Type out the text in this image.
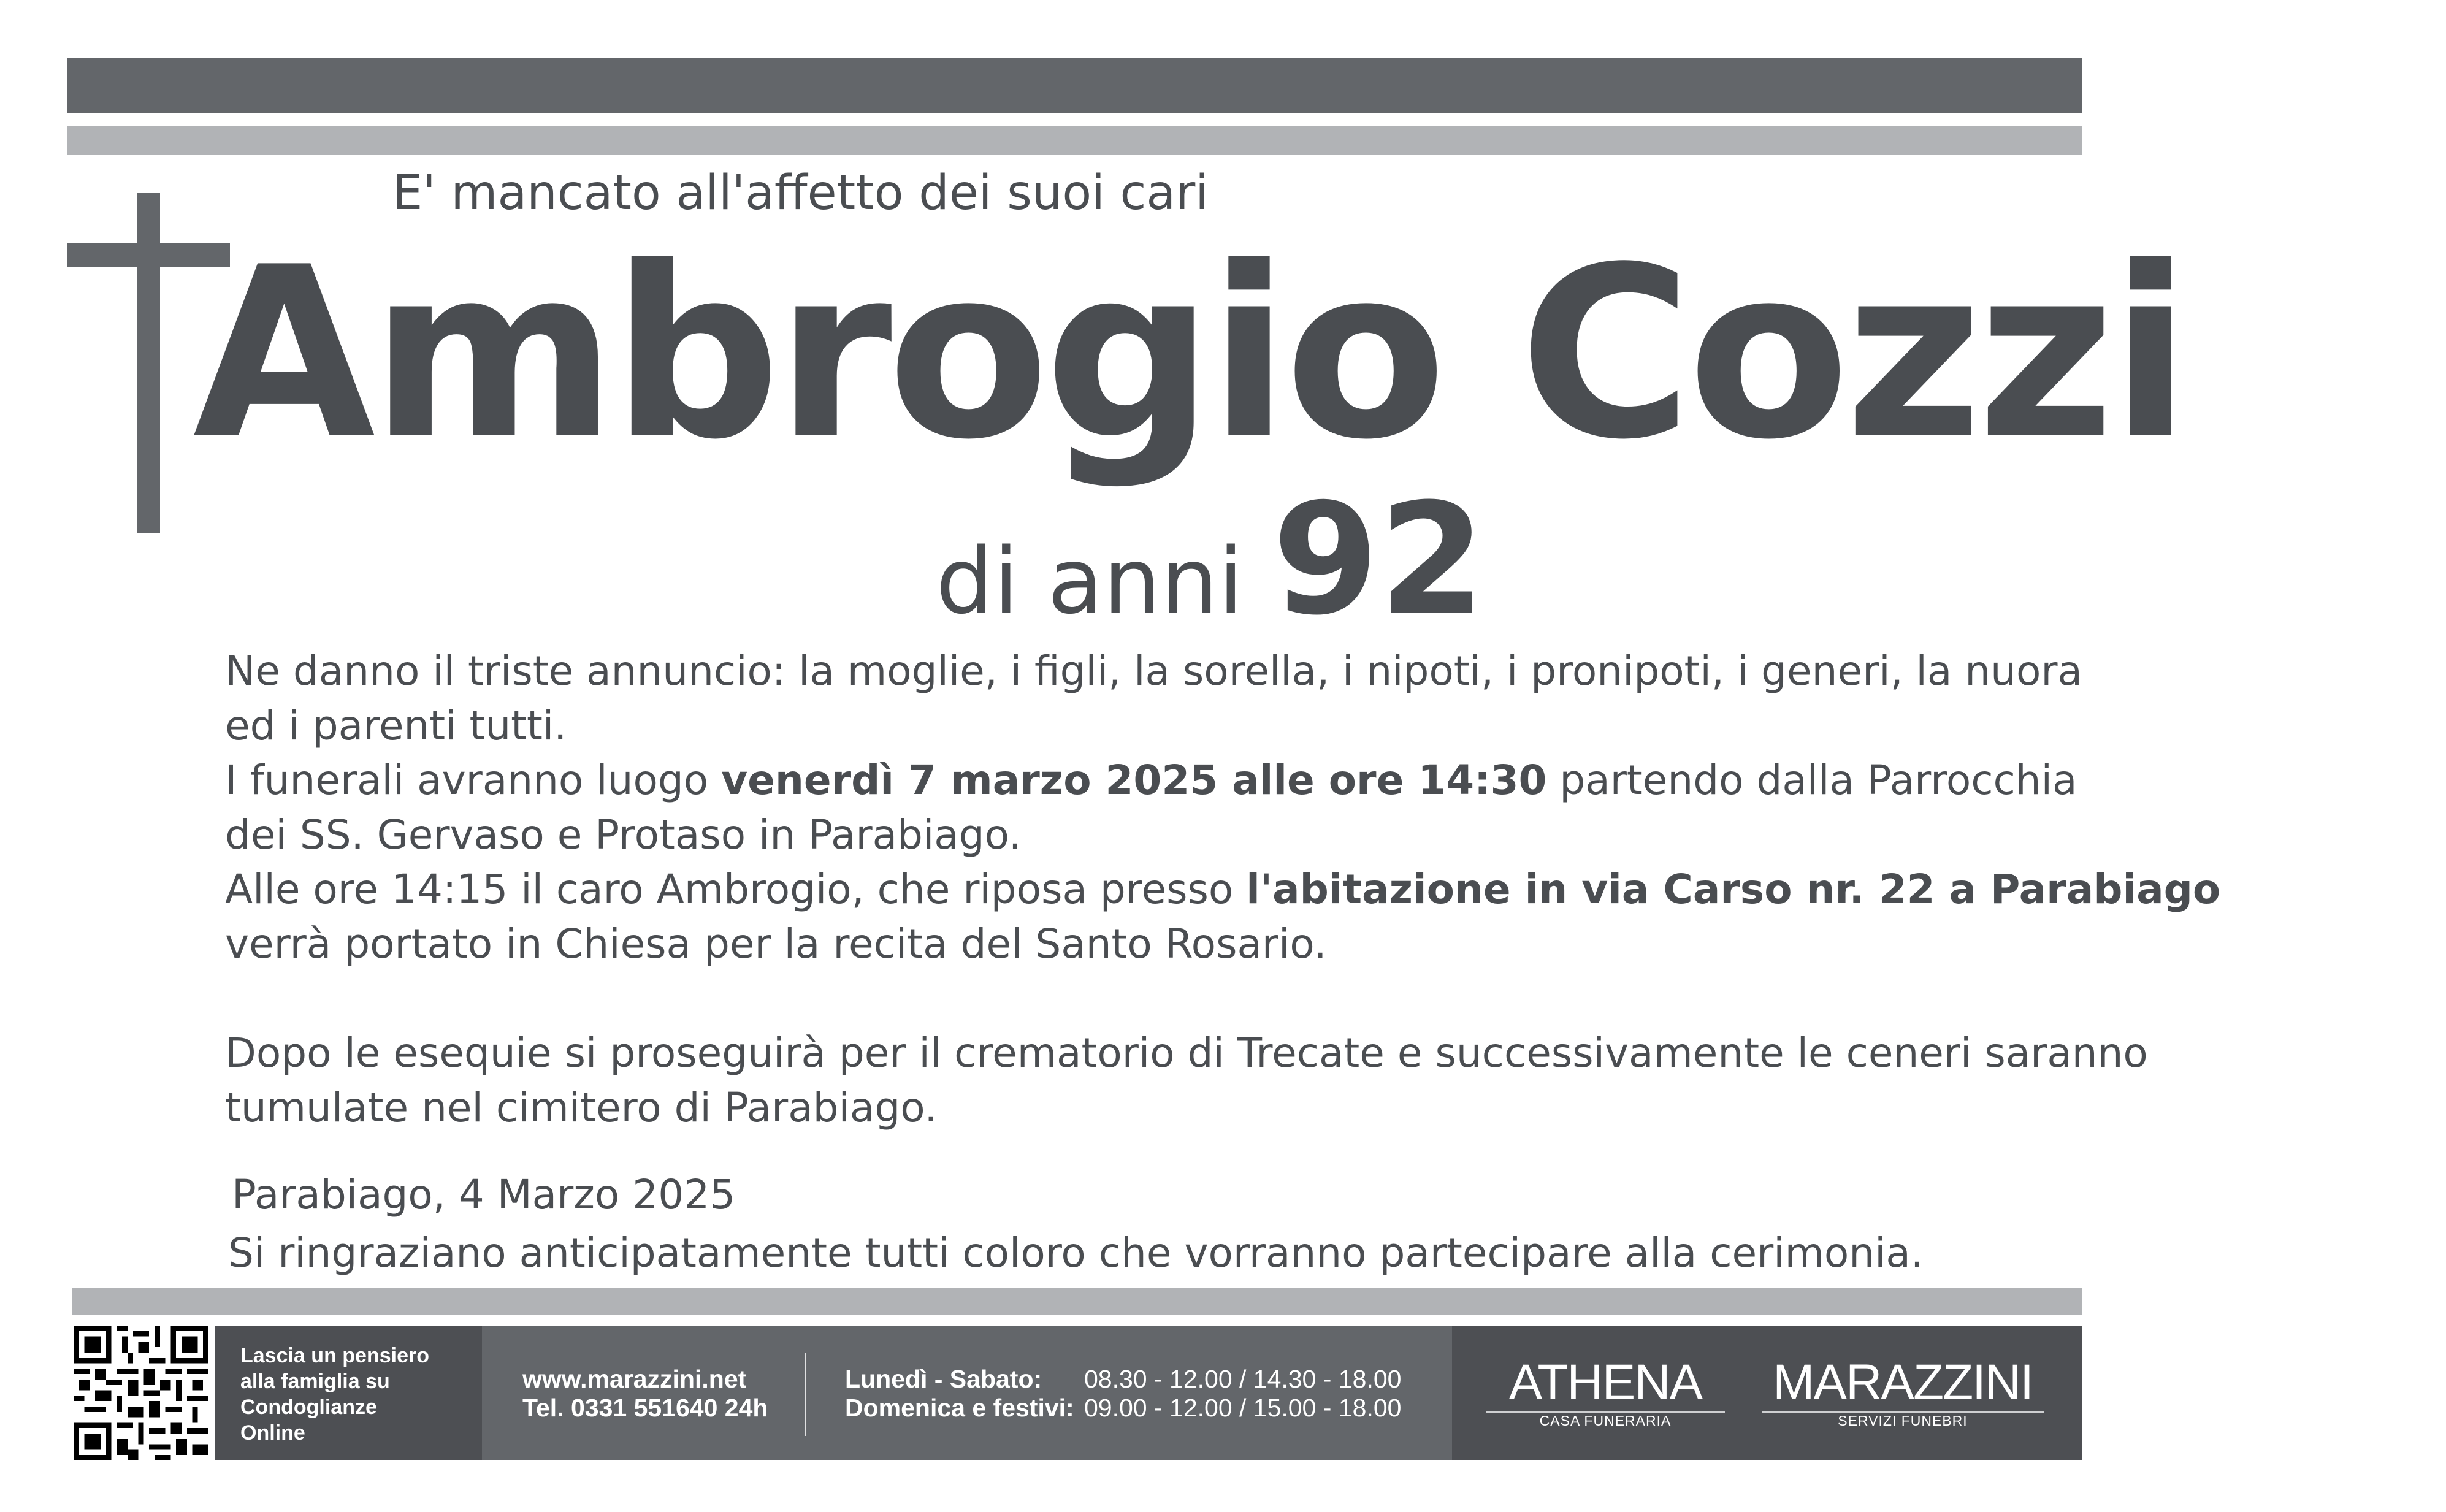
E' mancato all'affetto dei suoi cari
Ambrogio Cozzi
di anni 92

Ne danno il triste annuncio: la moglie, i figli, la sorella, i nipoti, i pronipoti, i generi, la nuora

ed i parenti tutti.

I funerali avranno luogo venerdì 7 marzo 2025 alle ore 14:30 partendo dalla Parrocchia

dei SS. Gervaso e Protaso in Parabiago.

Alle ore 14:15 il caro Ambrogio, che riposa presso l'abitazione in via Carso nr. 22 a Parabiago

verrà portato in Chiesa per la recita del Santo Rosario.

Dopo le esequie si proseguirà per il crematorio di Trecate e successivamente le ceneri saranno

tumulate nel cimitero di Parabiago.

Parabiago, 4 Marzo 2025
Si ringraziano anticipatamente tutti coloro che vorranno partecipare alla cerimonia.
Lascia un pensiero
alla famiglia su
Condoglianze
Online
www.marazzini.net
Tel. 0331 551640 24h
Lunedì - Sabato:
Domenica e festivi:
08.30 - 12.00 / 14.30 - 18.00
09.00 - 12.00 / 15.00 - 18.00	ATHENA
CASA FUNERARIA
MARAZZINI
SERVIZI FUNEBRI
